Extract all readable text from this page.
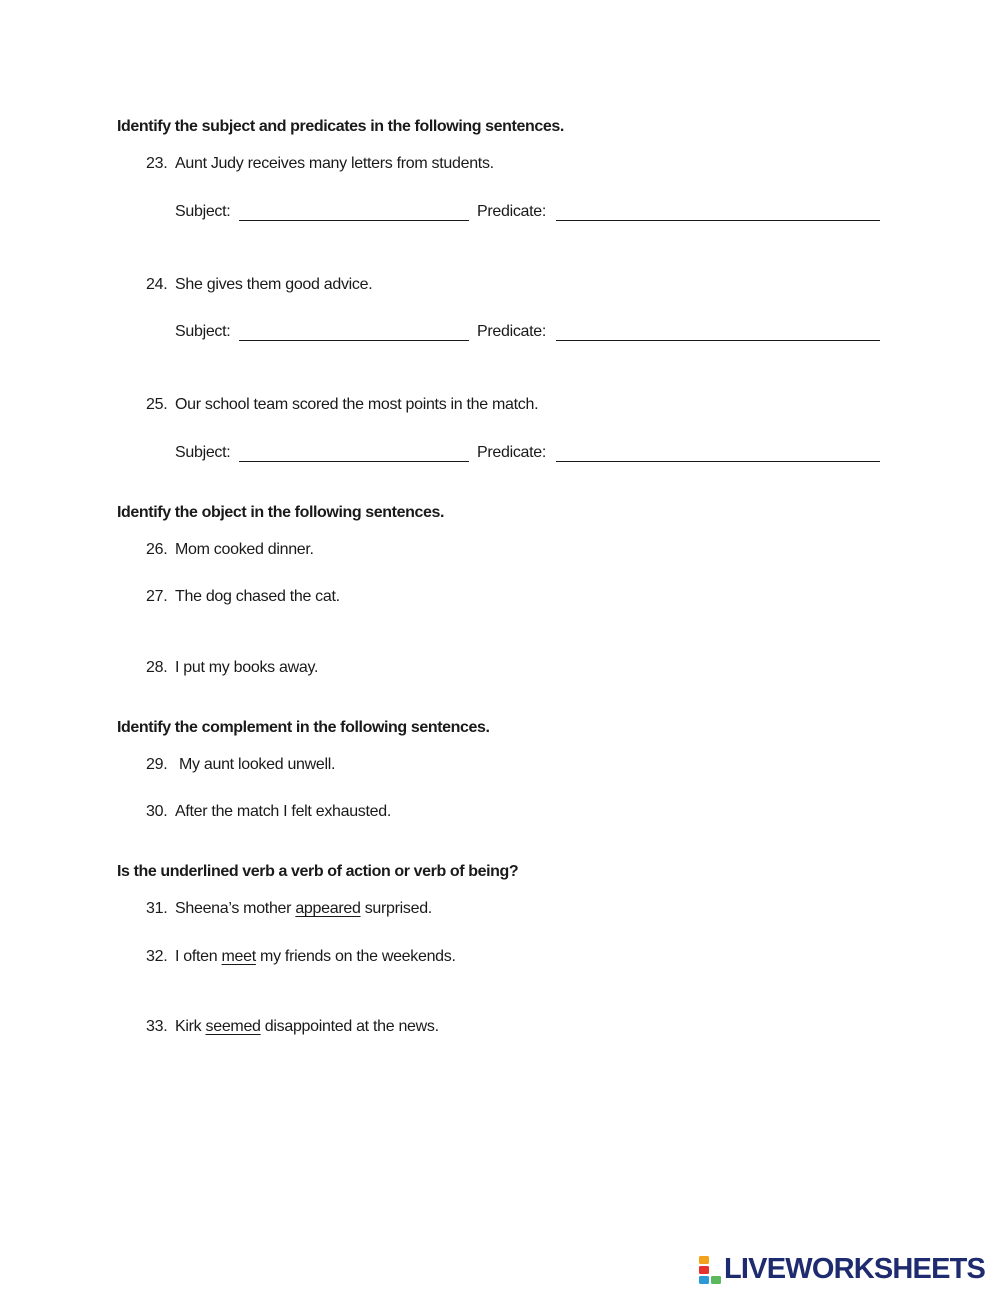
Identify the subject and predicates in the following sentences.
23. Aunt Judy receives many letters from students.
Subject:	Predicate:
24. She gives them good advice.
Subject:	Predicate:
25. Our school team scored the most points in the match.
Subject:	Predicate:
Identify the object in the following sentences.
26. Mom cooked dinner.
27. The dog chased the cat.
28. I put my books away.
Identify the complement in the following sentences.
29. My aunt looked unwell.
30. After the match I felt exhausted.
Is the underlined verb a verb of action or verb of being?
31. Sheena’s mother appeared surprised.
32. I often meet my friends on the weekends.
33. Kirk seemed disappointed at the news.
LIVEWORKSHEETS
